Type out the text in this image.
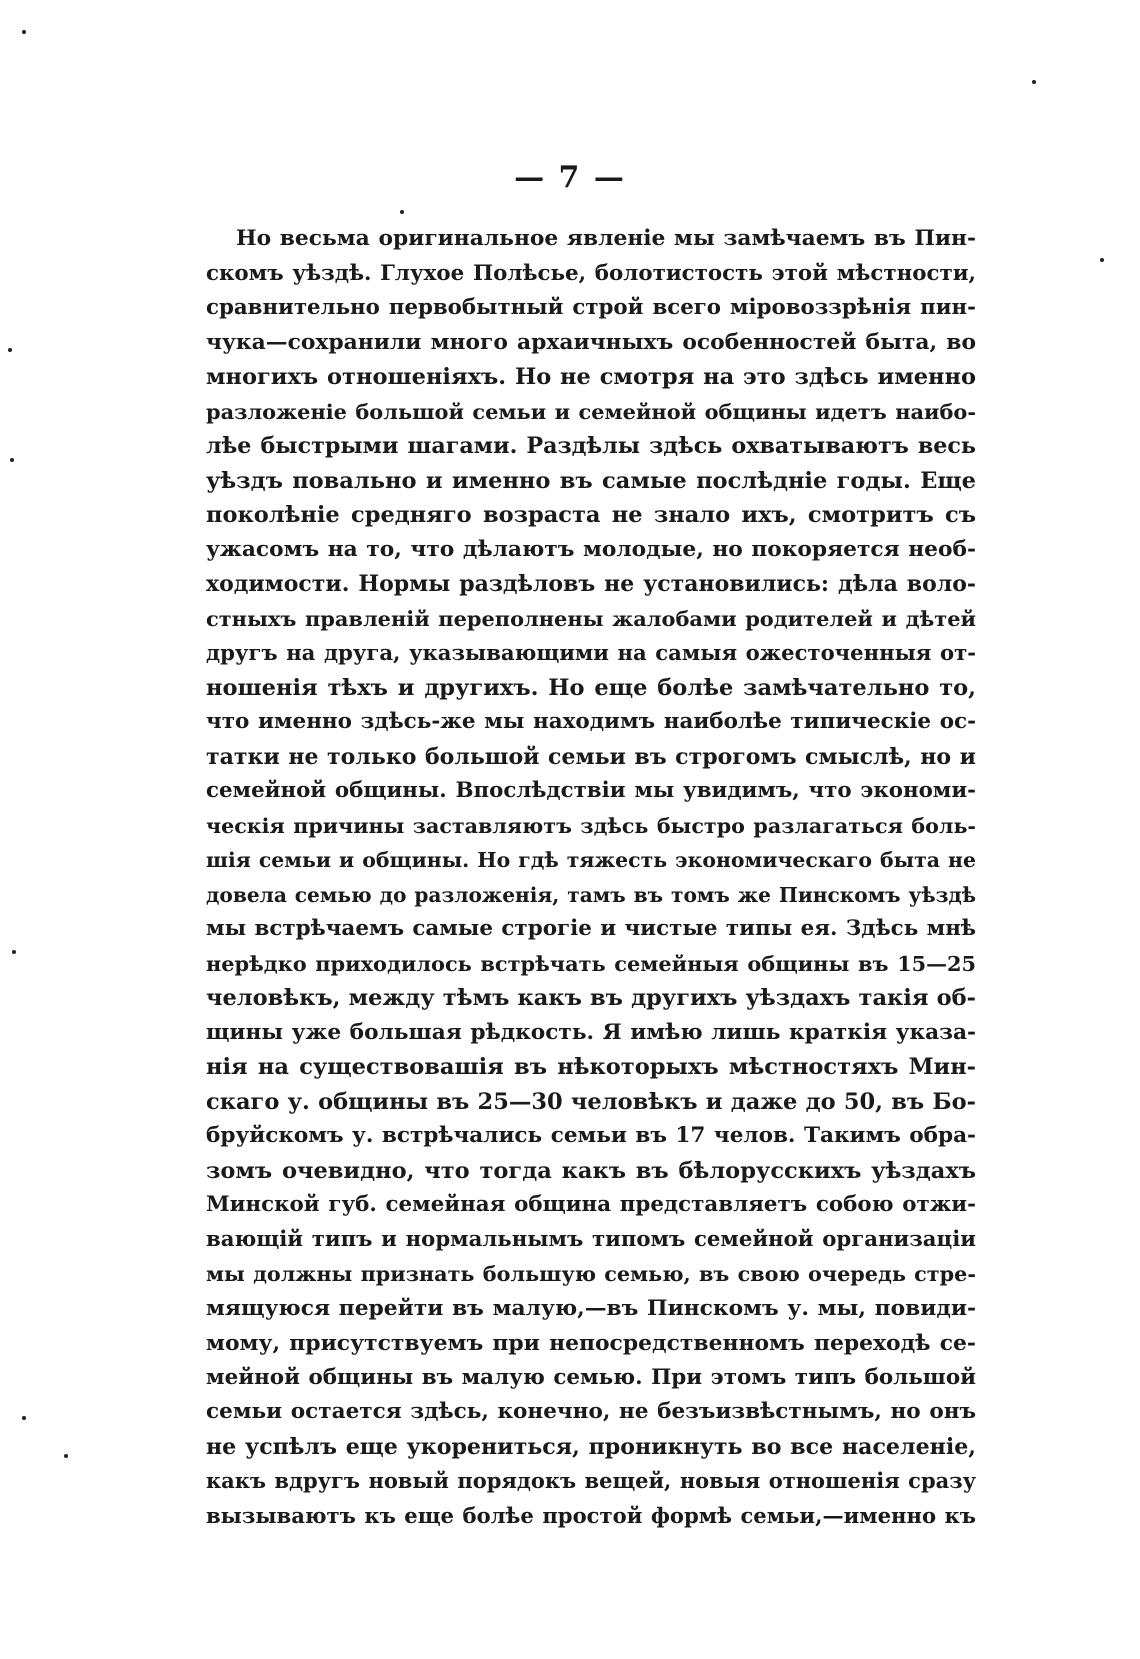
— 7 —

Но весьма оригинальное явленіе мы замѣчаемъ въ Пин-
скомъ уѣздѣ. Глухое Полѣсье, болотистость этой мѣстности,
сравнительно первобытный строй всего міровоззрѣнія пин-
чука—сохранили много архаичныхъ особенностей быта, во
многихъ отношеніяхъ. Но не смотря на это здѣсь именно
разложеніе большой семьи и семейной общины идетъ наибо-
лѣе быстрыми шагами. Раздѣлы здѣсь охватываютъ весь
уѣздъ повально и именно въ самые послѣдніе годы. Еще
поколѣніе средняго возраста не знало ихъ, смотритъ съ
ужасомъ на то, что дѣлаютъ молодые, но покоряется необ-
ходимости. Нормы раздѣловъ не установились: дѣла воло-
стныхъ правленій переполнены жалобами родителей и дѣтей
другъ на друга, указывающими на самыя ожесточенныя от-
ношенія тѣхъ и другихъ. Но еще болѣе замѣчательно то,
что именно здѣсь-же мы находимъ наиболѣе типическіе ос-
татки не только большой семьи въ строгомъ смыслѣ, но и
семейной общины. Впослѣдствіи мы увидимъ, что экономи-
ческія причины заставляютъ здѣсь быстро разлагаться боль-
шія семьи и общины. Но гдѣ тяжесть экономическаго быта не
довела семью до разложенія, тамъ въ томъ же Пинскомъ уѣздѣ
мы встрѣчаемъ самые строгіе и чистые типы ея. Здѣсь мнѣ
нерѣдко приходилось встрѣчать семейныя общины въ 15—25
человѣкъ, между тѣмъ какъ въ другихъ уѣздахъ такія об-
щины уже большая рѣдкость. Я имѣю лишь краткія указа-
нія на существовашія въ нѣкоторыхъ мѣстностяхъ Мин-
скаго у. общины въ 25—30 человѣкъ и даже до 50, въ Бо-
бруйскомъ у. встрѣчались семьи въ 17 челов. Такимъ обра-
зомъ очевидно, что тогда какъ въ бѣлорусскихъ уѣздахъ
Минской губ. семейная община представляетъ собою отжи-
вающій типъ и нормальнымъ типомъ семейной организаціи
мы должны признать большую семью, въ свою очередь стре-
мящуюся перейти въ малую,—въ Пинскомъ у. мы, повиди-
мому, присутствуемъ при непосредственномъ переходѣ се-
мейной общины въ малую семью. При этомъ типъ большой
семьи остается здѣсь, конечно, не безъизвѣстнымъ, но онъ
не успѣлъ еще укорениться, проникнуть во все населеніе,
какъ вдругъ новый порядокъ вещей, новыя отношенія сразу
вызываютъ къ еще болѣе простой формѣ семьи,—именно къ
